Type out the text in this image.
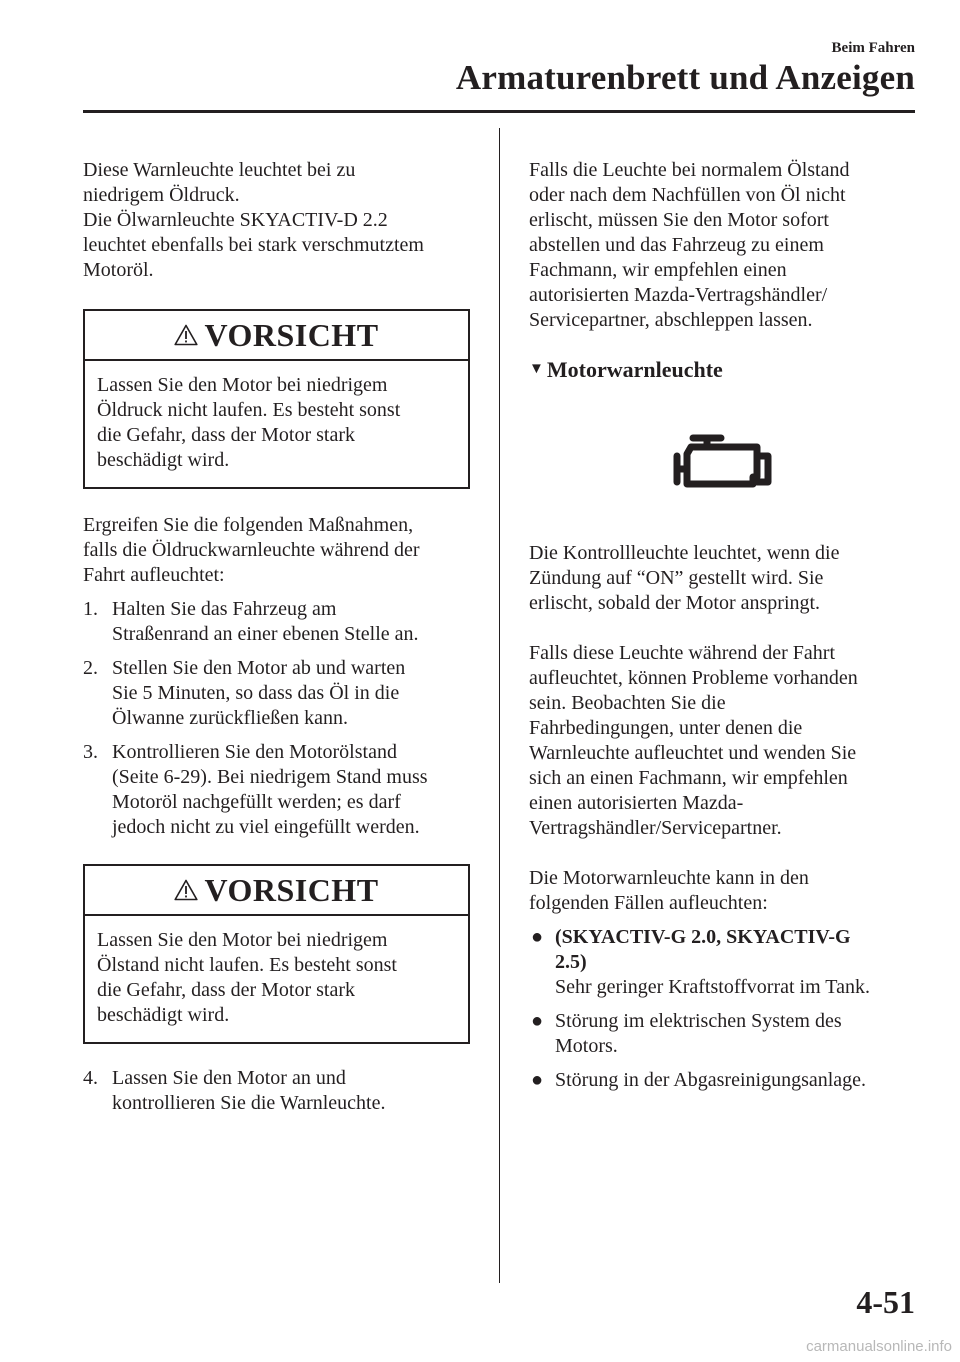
Beim Fahren
Armaturenbrett und Anzeigen

Diese Warnleuchte leuchtet bei zu
niedrigem Öldruck.
Die Ölwarnleuchte SKYACTIV-D 2.2
leuchtet ebenfalls bei stark verschmutztem
Motoröl.

VORSICHT
Lassen Sie den Motor bei niedrigem
Öldruck nicht laufen. Es besteht sonst
die Gefahr, dass der Motor stark
beschädigt wird.

Ergreifen Sie die folgenden Maßnahmen,
falls die Öldruckwarnleuchte während der
Fahrt aufleuchtet:

1. Halten Sie das Fahrzeug am
Straßenrand an einer ebenen Stelle an.
2. Stellen Sie den Motor ab und warten
Sie 5 Minuten, so dass das Öl in die
Ölwanne zurückfließen kann.
3. Kontrollieren Sie den Motorölstand
(Seite 6-29). Bei niedrigem Stand muss
Motoröl nachgefüllt werden; es darf
jedoch nicht zu viel eingefüllt werden.
VORSICHT
Lassen Sie den Motor bei niedrigem
Ölstand nicht laufen. Es besteht sonst
die Gefahr, dass der Motor stark
beschädigt wird.
4. Lassen Sie den Motor an und
kontrollieren Sie die Warnleuchte.

Falls die Leuchte bei normalem Ölstand
oder nach dem Nachfüllen von Öl nicht
erlischt, müssen Sie den Motor sofort
abstellen und das Fahrzeug zu einem
Fachmann, wir empfehlen einen
autorisierten Mazda-Vertragshändler/
Servicepartner, abschleppen lassen.

▼ Motorwarnleuchte

Die Kontrollleuchte leuchtet, wenn die
Zündung auf “ON” gestellt wird. Sie
erlischt, sobald der Motor anspringt.

Falls diese Leuchte während der Fahrt
aufleuchtet, können Probleme vorhanden
sein. Beobachten Sie die
Fahrbedingungen, unter denen die
Warnleuchte aufleuchtet und wenden Sie
sich an einen Fachmann, wir empfehlen
einen autorisierten Mazda-
Vertragshändler/Servicepartner.

Die Motorwarnleuchte kann in den
folgenden Fällen aufleuchten:

● (SKYACTIV-G 2.0, SKYACTIV-G
2.5)
Sehr geringer Kraftstoffvorrat im Tank.
● Störung im elektrischen System des
Motors.
● Störung in der Abgasreinigungsanlage.
4-51
carmanualsonline.info
